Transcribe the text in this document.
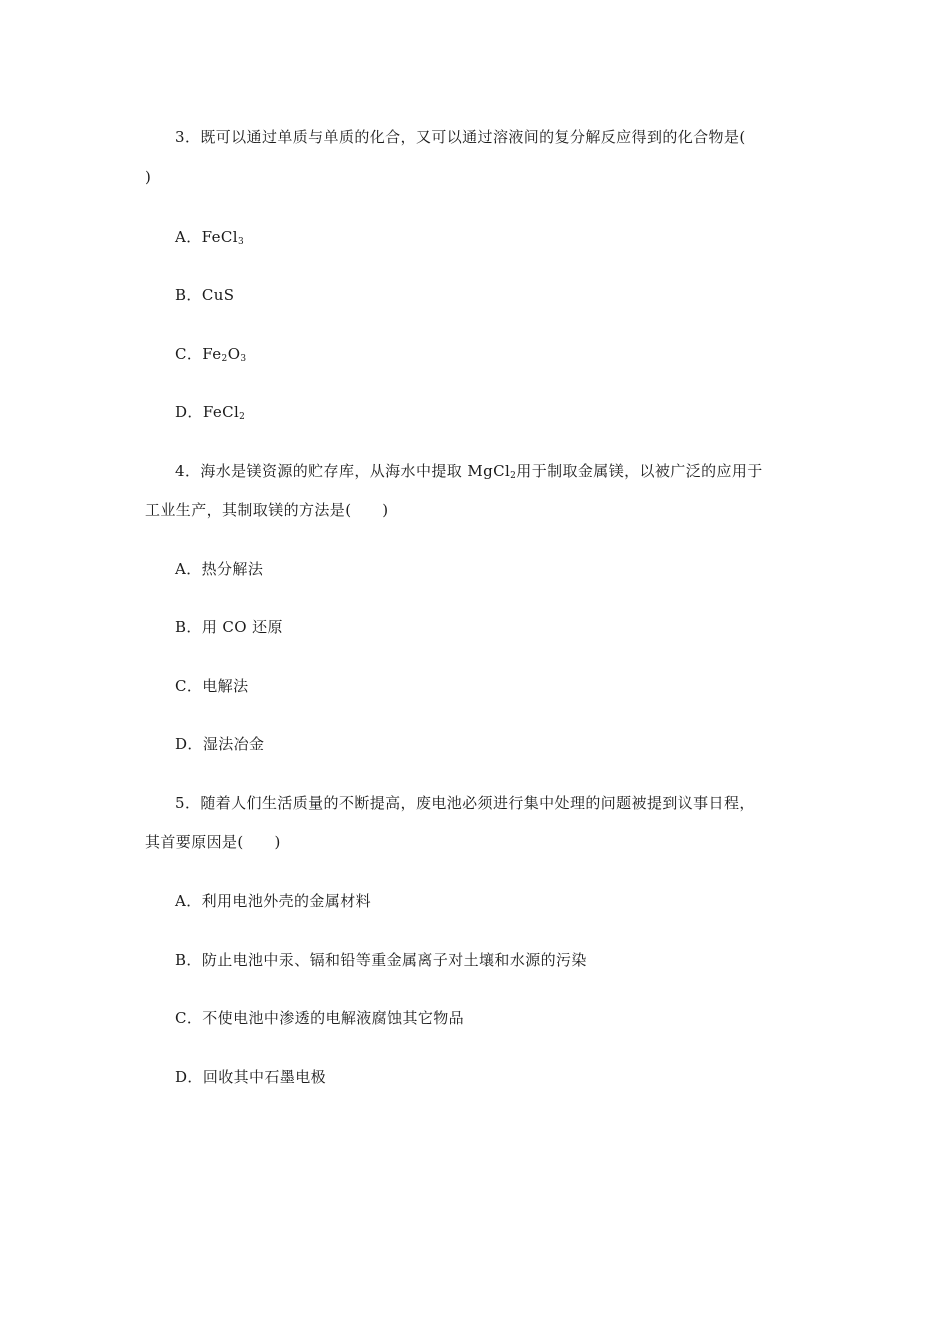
3．既可以通过单质与单质的化合，又可以通过溶液间的复分解反应得到的化合物是(
)
A．FeCl$_3$
B．CuS
C．$Fe_2O_3$
D．FeCl$_2$
4．海水是镁资源的贮存库，从海水中提取 MgCl$_2$用于制取金属镁，以被广泛的应用于
工业生产，其制取镁的方法是(　　)
A．热分解法
B．用 CO 还原
C．电解法
D．湿法冶金
5．随着人们生活质量的不断提高，废电池必须进行集中处理的问题被提到议事日程，
其首要原因是(　　)
A．利用电池外壳的金属材料
B．防止电池中汞、镉和铅等重金属离子对土壤和水源的污染
C．不使电池中渗透的电解液腐蚀其它物品
D．回收其中石墨电极
